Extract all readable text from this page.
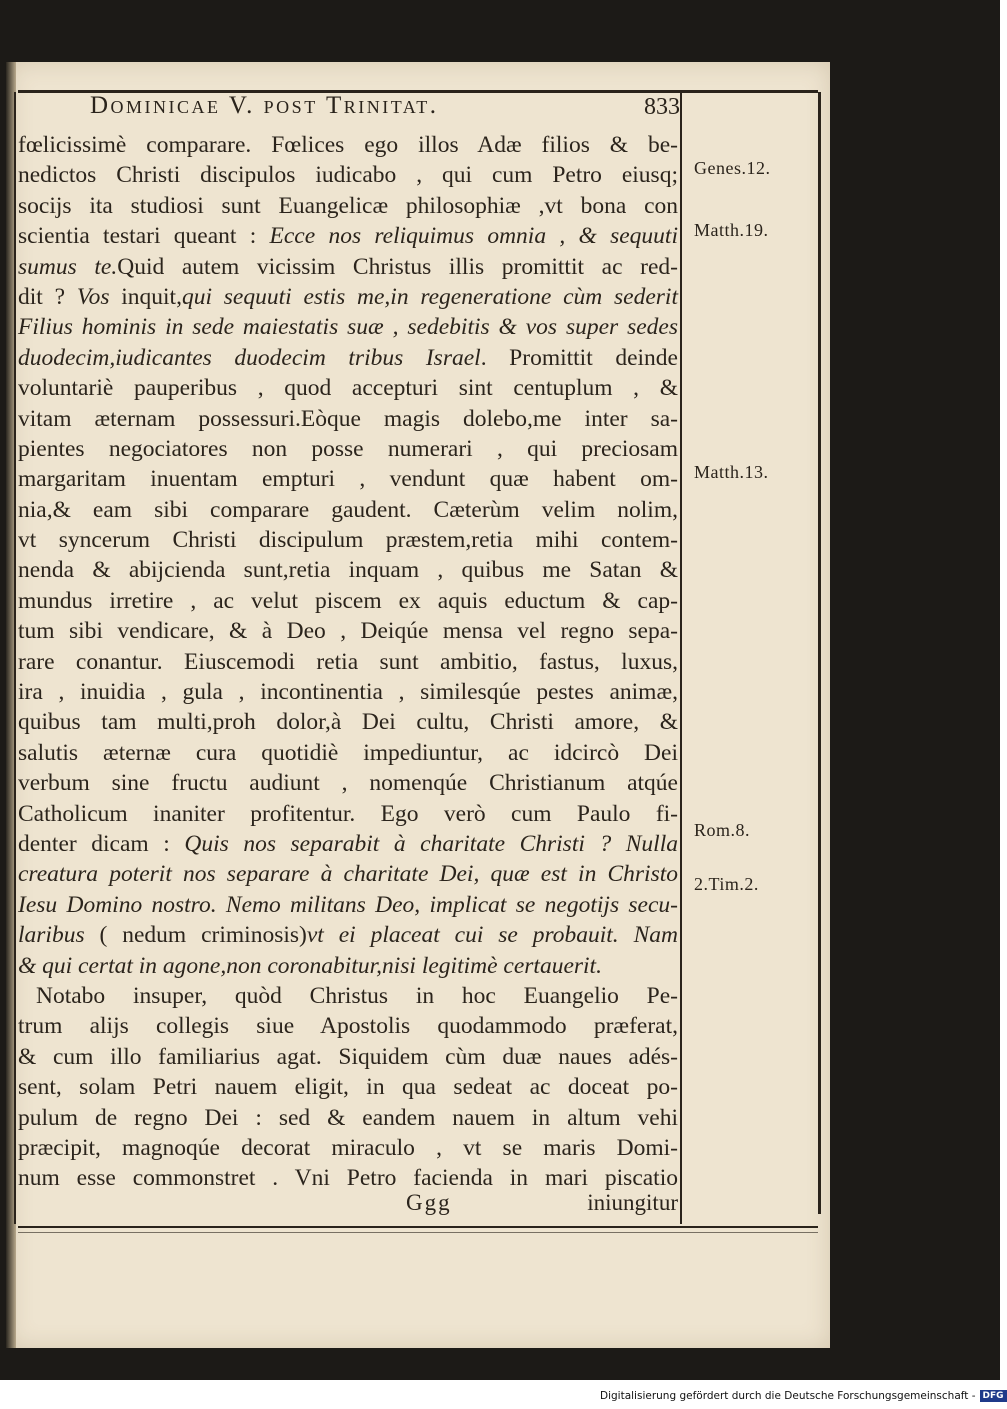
Dominicae V. post Trinitat.	833
fœlicissimè comparare. Fœlices ego illos Adæ filios & be-
nedictos Christi discipulos iudicabo , qui cum Petro eiusq;
socijs ita studiosi sunt Euangelicæ philosophiæ ,vt bona con
scientia testari queant : Ecce nos reliquimus omnia , & sequuti
sumus te.Quid autem vicissim Christus illis promittit ac red-
dit ? Vos inquit,qui sequuti estis me,in regeneratione cùm sederit
Filius hominis in sede maiestatis suæ , sedebitis & vos super sedes
duodecim,iudicantes duodecim tribus Israel. Promittit deinde
voluntariè pauperibus , quod accepturi sint centuplum , &
vitam æternam possessuri.Eòque magis dolebo,me inter sa-
pientes negociatores non posse numerari , qui preciosam
margaritam inuentam empturi , vendunt quæ habent om-
nia,& eam sibi comparare gaudent. Cæterùm velim nolim,
vt syncerum Christi discipulum præstem,retia mihi contem-
nenda & abijcienda sunt,retia inquam , quibus me Satan &
mundus irretire , ac velut piscem ex aquis eductum & cap-
tum sibi vendicare, & à Deo , Deiqúe mensa vel regno sepa-
rare conantur. Eiuscemodi retia sunt ambitio, fastus, luxus,
ira , inuidia , gula , incontinentia , similesqúe pestes animæ,
quibus tam multi,proh dolor,à Dei cultu, Christi amore, &
salutis æternæ cura quotidiè impediuntur, ac idcircò Dei
verbum sine fructu audiunt , nomenqúe Christianum atqúe
Catholicum inaniter profitentur. Ego verò cum Paulo fi-
denter dicam : Quis nos separabit à charitate Christi ? Nulla
creatura poterit nos separare à charitate Dei, quæ est in Christo
Iesu Domino nostro. Nemo militans Deo, implicat se negotijs secu-
laribus ( nedum criminosis)vt ei placeat cui se probauit. Nam
& qui certat in agone,non coronabitur,nisi legitimè certauerit.
Notabo insuper, quòd Christus in hoc Euangelio Pe-
trum alijs collegis siue Apostolis quodammodo præferat,
& cum illo familiarius agat. Siquidem cùm duæ naues adés-
sent, solam Petri nauem eligit, in qua sedeat ac doceat po-
pulum de regno Dei : sed & eandem nauem in altum vehi
præcipit, magnoqúe decorat miraculo , vt se maris Domi-
num esse commonstret . Vni Petro facienda in mari piscatio
Genes.12.
Matth.19.
Matth.13.
Rom.8.
2.Tim.2.
Ggg	iniungitur
Digitalisierung gefördert durch die Deutsche Forschungsgemeinschaft - DFG
